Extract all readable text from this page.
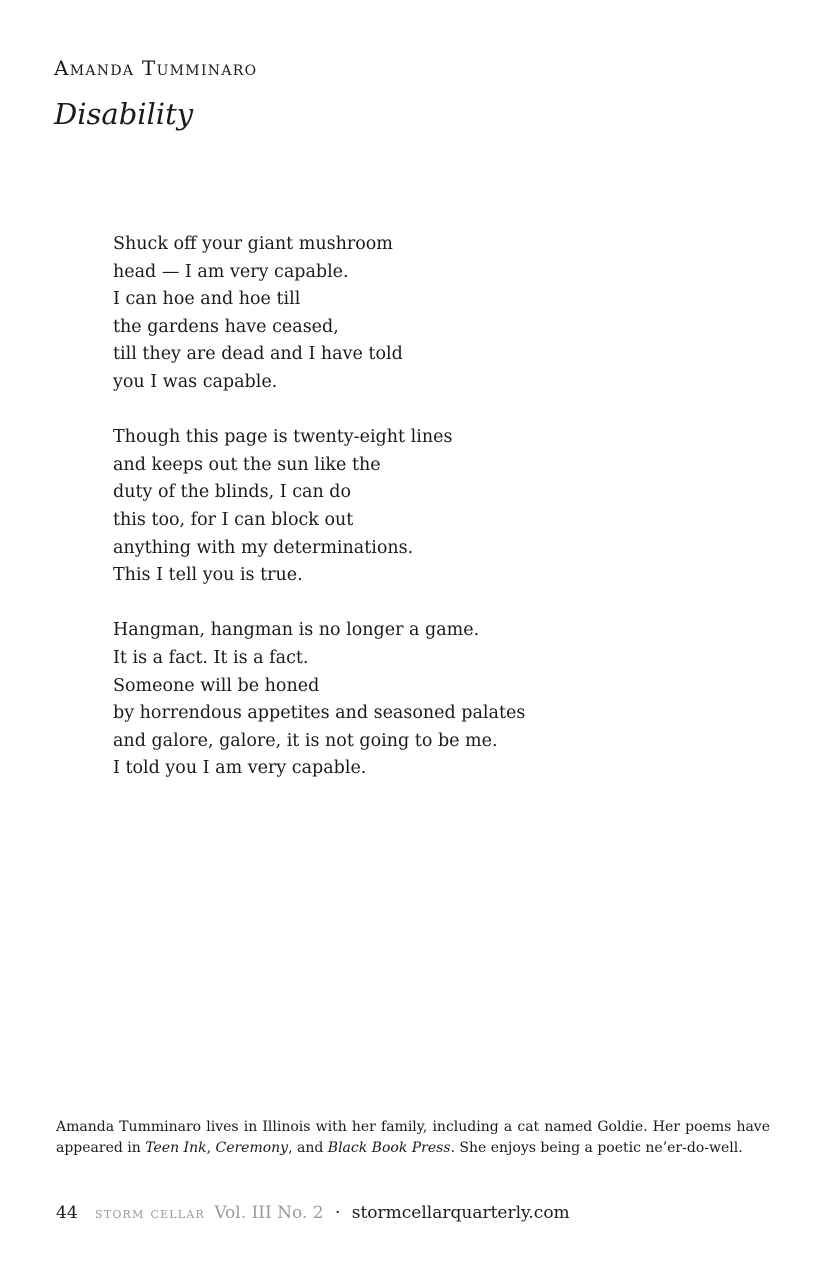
Amanda Tumminaro
Disability
Shuck off your giant mushroom
head — I am very capable.
I can hoe and hoe till
the gardens have ceased,
till they are dead and I have told
you I was capable.
Though this page is twenty-eight lines
and keeps out the sun like the
duty of the blinds, I can do
this too, for I can block out
anything with my determinations.
This I tell you is true.
Hangman, hangman is no longer a game.
It is a fact. It is a fact.
Someone will be honed
by horrendous appetites and seasoned palates
and galore, galore, it is not going to be me.
I told you I am very capable.
Amanda Tumminaro lives in Illinois with her family, including a cat named Goldie. Her poems have appeared in Teen Ink, Ceremony, and Black Book Press. She enjoys being a poetic ne’er-do-well.
44 storm cellar Vol. III No. 2 · stormcellarquarterly.com
